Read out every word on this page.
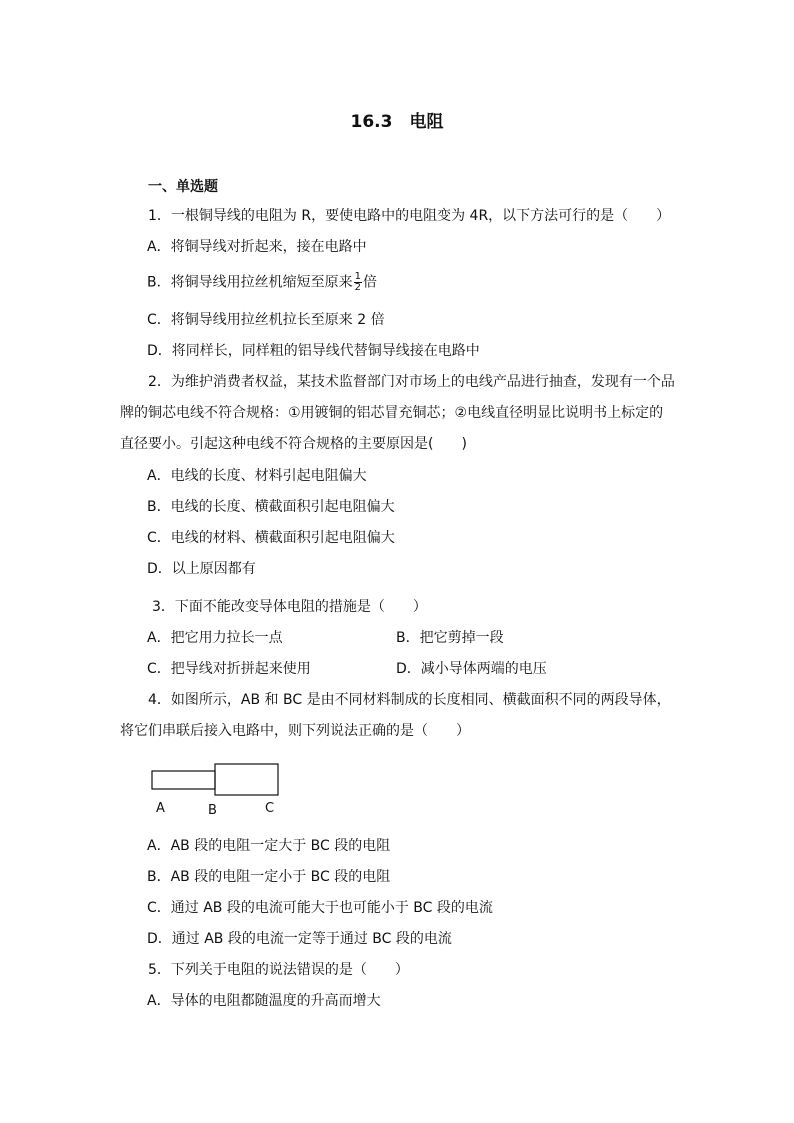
16.3　电阻
一、单选题
1．一根铜导线的电阻为 R，要使电路中的电阻变为 4R，以下方法可行的是（　　）
A．将铜导线对折起来，接在电路中
B．将铜导线用拉丝机缩短至原来 $\frac{1}{2}$ 倍
C．将铜导线用拉丝机拉长至原来 2 倍
D．将同样长，同样粗的铝导线代替铜导线接在电路中
2．为维护消费者权益，某技术监督部门对市场上的电线产品进行抽查，发现有一个品
牌的铜芯电线不符合规格：①用镀铜的铝芯冒充铜芯；②电线直径明显比说明书上标定的
直径要小。引起这种电线不符合规格的主要原因是(　　)
A．电线的长度、材料引起电阻偏大
B．电线的长度、横截面积引起电阻偏大
C．电线的材料、横截面积引起电阻偏大
D．以上原因都有
3．下面不能改变导体电阻的措施是（　　）
A．把它用力拉长一点	B．把它剪掉一段
C．把导线对折拼起来使用	D．减小导体两端的电压
4．如图所示，AB 和 BC 是由不同材料制成的长度相同、横截面积不同的两段导体，
将它们串联后接入电路中，则下列说法正确的是（　　）
A	B	C
A．AB 段的电阻一定大于 BC 段的电阻
B．AB 段的电阻一定小于 BC 段的电阻
C．通过 AB 段的电流可能大于也可能小于 BC 段的电流
D．通过 AB 段的电流一定等于通过 BC 段的电流
5．下列关于电阻的说法错误的是（　　）
A．导体的电阻都随温度的升高而增大
